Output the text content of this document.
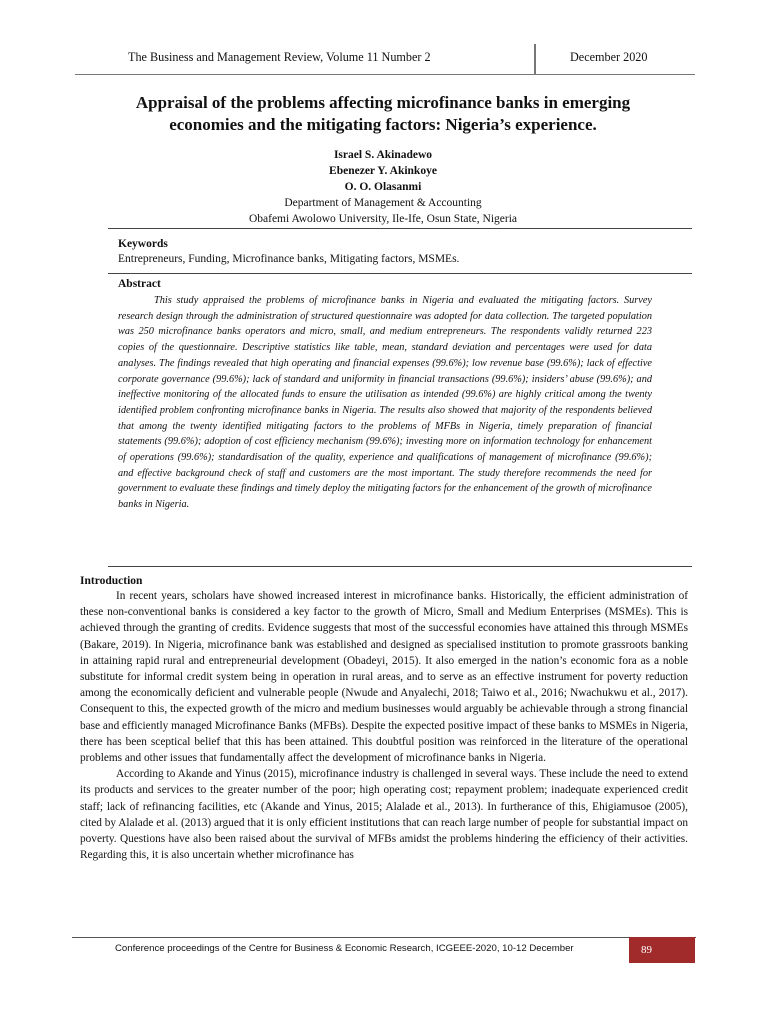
The Business and Management Review, Volume 11 Number 2	December 2020
Appraisal of the problems affecting microfinance banks in emerging
economies and the mitigating factors: Nigeria’s experience.
Israel S. Akinadewo
Ebenezer Y. Akinkoye
O. O. Olasanmi
Department of Management & Accounting
Obafemi Awolowo University, Ile-Ife, Osun State, Nigeria
Keywords
Entrepreneurs, Funding, Microfinance banks, Mitigating factors, MSMEs.
Abstract
This study appraised the problems of microfinance banks in Nigeria and evaluated the mitigating factors. Survey research design through the administration of structured questionnaire was adopted for data collection. The targeted population was 250 microfinance banks operators and micro, small, and medium entrepreneurs. The respondents validly returned 223 copies of the questionnaire. Descriptive statistics like table, mean, standard deviation and percentages were used for data analyses. The findings revealed that high operating and financial expenses (99.6%); low revenue base (99.6%); lack of effective corporate governance (99.6%); lack of standard and uniformity in financial transactions (99.6%); insiders’ abuse (99.6%); and ineffective monitoring of the allocated funds to ensure the utilisation as intended (99.6%) are highly critical among the twenty identified problem confronting microfinance banks in Nigeria. The results also showed that majority of the respondents believed that among the twenty identified mitigating factors to the problems of MFBs in Nigeria, timely preparation of financial statements (99.6%); adoption of cost efficiency mechanism (99.6%); investing more on information technology for enhancement of operations (99.6%); standardisation of the quality, experience and qualifications of management of microfinance (99.6%); and effective background check of staff and customers are the most important. The study therefore recommends the need for government to evaluate these findings and timely deploy the mitigating factors for the enhancement of the growth of microfinance banks in Nigeria.
Introduction

In recent years, scholars have showed increased interest in microfinance banks. Historically, the efficient administration of these non-conventional banks is considered a key factor to the growth of Micro, Small and Medium Enterprises (MSMEs). This is achieved through the granting of credits. Evidence suggests that most of the successful economies have attained this through MSMEs (Bakare, 2019). In Nigeria, microfinance bank was established and designed as specialised institution to promote grassroots banking in attaining rapid rural and entrepreneurial development (Obadeyi, 2015). It also emerged in the nation’s economic fora as a noble substitute for informal credit system being in operation in rural areas, and to serve as an effective instrument for poverty reduction among the economically deficient and vulnerable people (Nwude and Anyalechi, 2018; Taiwo et al., 2016; Nwachukwu et al., 2017). Consequent to this, the expected growth of the micro and medium businesses would arguably be achievable through a strong financial base and efficiently managed Microfinance Banks (MFBs). Despite the expected positive impact of these banks to MSMEs in Nigeria, there has been sceptical belief that this has been attained. This doubtful position was reinforced in the literature of the operational problems and other issues that fundamentally affect the development of microfinance banks in Nigeria.

According to Akande and Yinus (2015), microfinance industry is challenged in several ways. These include the need to extend its products and services to the greater number of the poor; high operating cost; repayment problem; inadequate experienced credit staff; lack of refinancing facilities, etc (Akande and Yinus, 2015; Alalade et al., 2013). In furtherance of this, Ehigiamusoe (2005), cited by Alalade et al. (2013) argued that it is only efficient institutions that can reach large number of people for substantial impact on poverty. Questions have also been raised about the survival of MFBs amidst the problems hindering the efficiency of their activities. Regarding this, it is also uncertain whether microfinance has

Conference proceedings of the Centre for Business & Economic Research, ICGEEE-2020, 10-12 December	89
